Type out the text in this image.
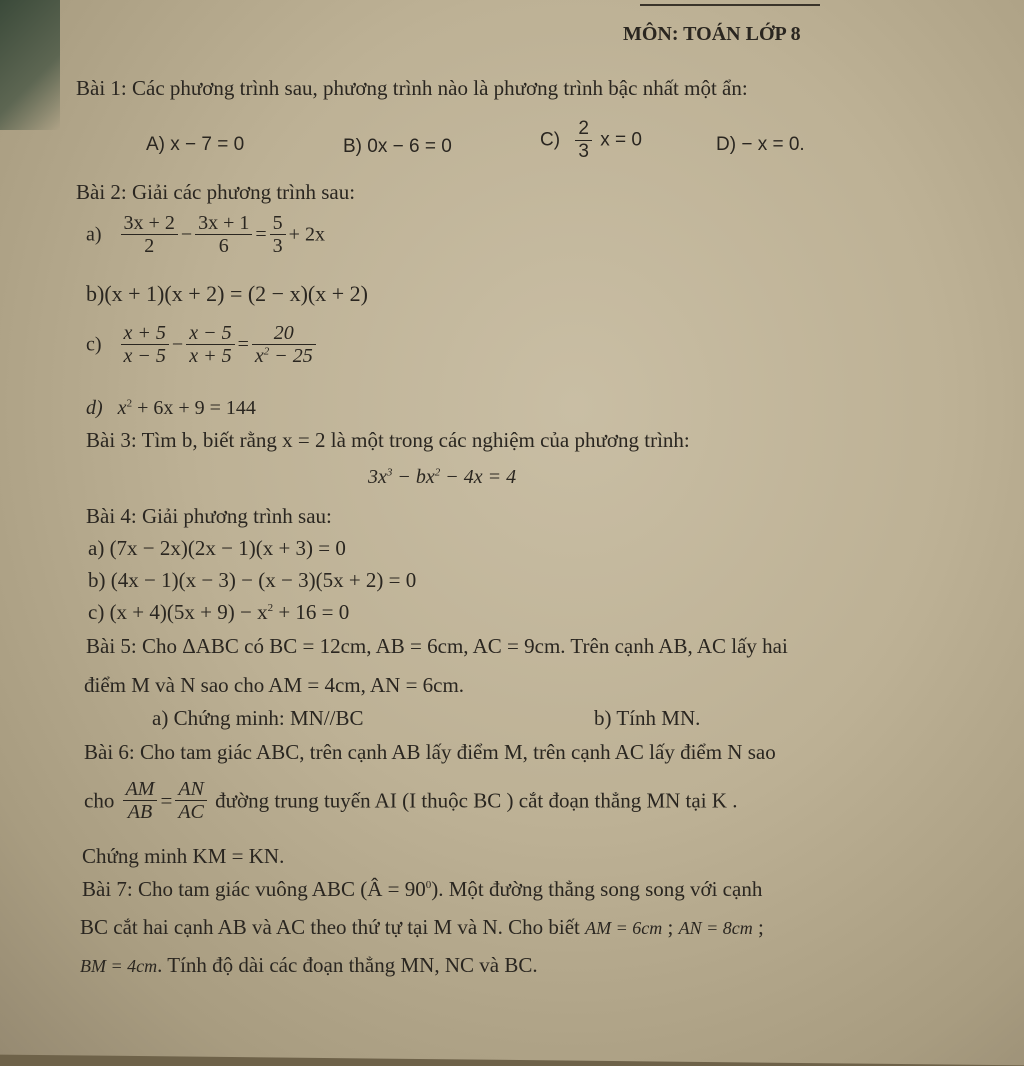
MÔN: TOÁN LỚP 8
Bài 1: Các phương trình sau, phương trình nào là phương trình bậc nhất một ẩn:
A) x − 7 = 0	B) 0x − 6 = 0	$C) \frac{2}{3}$ x = 0	D) − x = 0.
Bài 2: Giải các phương trình sau:
$a) \frac{3x + 2}{2} - \frac{3x + 1}{6} = \frac{5}{3} + 2x$
b)(x + 1)(x + 2) = (2 − x)(x + 2)
$c) \frac{x + 5}{x - 5} - \frac{x - 5}{x + 5} = \frac{20}{x^2 - 25}$
d) $x^2 + 6x + 9 = 144$
Bài 3: Tìm b, biết rằng x = 2 là một trong các nghiệm của phương trình:
$3x^3 - bx^2 - 4x = 4$
Bài 4: Giải phương trình sau:
a) (7x − 2x)(2x − 1)(x + 3) = 0
b) (4x − 1)(x − 3) − (x − 3)(5x + 2) = 0
c) $(x + 4)(5x + 9) - x^2 + 16 = 0$
Bài 5: Cho ΔABC có BC = 12cm, AB = 6cm, AC = 9cm. Trên cạnh AB, AC lấy hai
điểm M và N sao cho AM = 4cm, AN = 6cm.
a) Chứng minh: MN//BC	b) Tính MN.
Bài 6: Cho tam giác ABC, trên cạnh AB lấy điểm M, trên cạnh AC lấy điểm N sao
cho $\frac{AM}{AB} = \frac{AN}{AC}$ đường trung tuyến AI (I thuộc BC ) cắt đoạn thẳng MN tại K .
Chứng minh KM = KN.
Bài 7: Cho tam giác vuông ABC (Â = $90^0$). Một đường thẳng song song với cạnh
BC cắt hai cạnh AB và AC theo thứ tự tại M và N. Cho biết AM = 6cm ; AN = 8cm ;
BM = 4cm. Tính độ dài các đoạn thẳng MN, NC và BC.
